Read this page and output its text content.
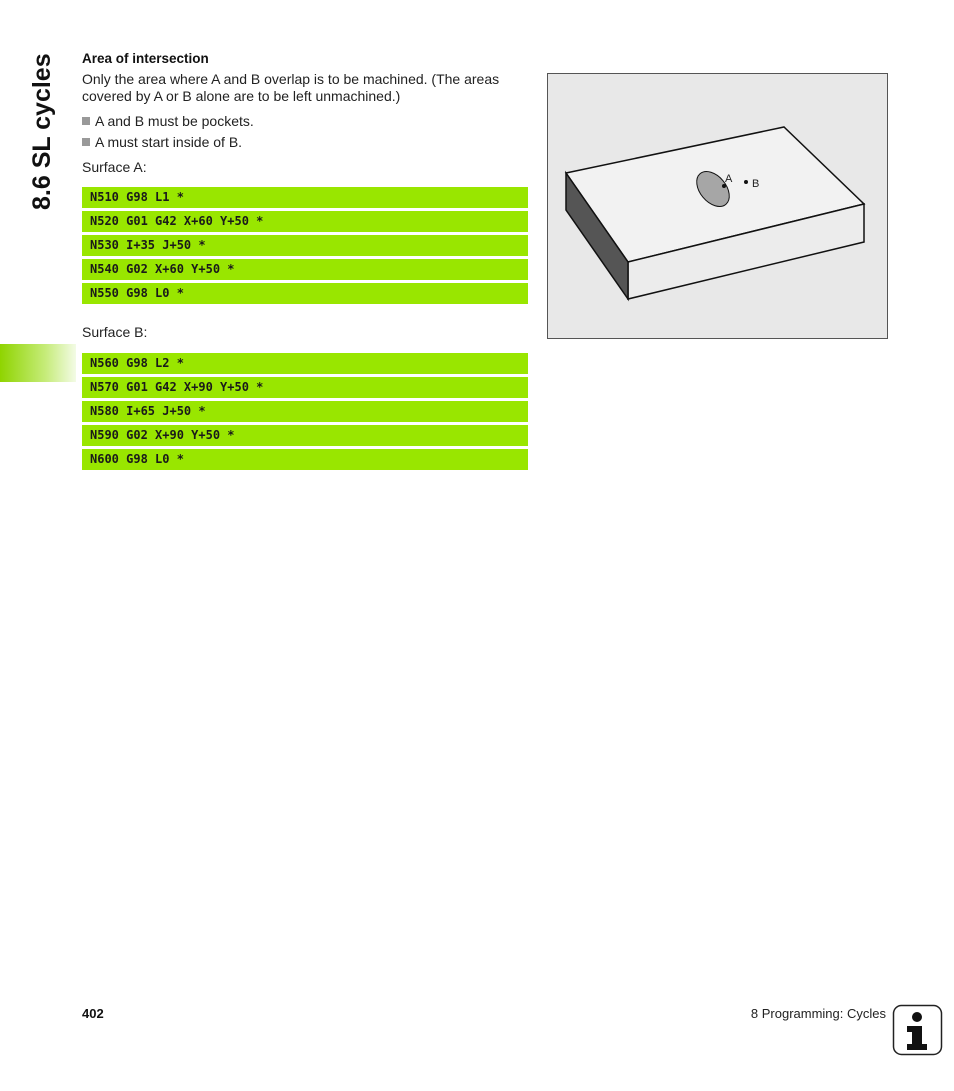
8.6 SL cycles Area of intersection
Only the area where A and B overlap is to be machined. (The areas covered by A or B alone are to be left unmachined.)
A and B must be pockets.
A must start inside of B.
Surface A:
N510 G98 L1 *
N520 G01 G42 X+60 Y+50 *
N530 I+35 J+50 *
N540 G02 X+60 Y+50 *
N550 G98 L0 *
Surface B:
N560 G98 L2 *
N570 G01 G42 X+90 Y+50 *
N580 I+65 J+50 *
N590 G02 X+90 Y+50 *
N600 G98 L0 *
A B
402	8 Programming: Cycles
